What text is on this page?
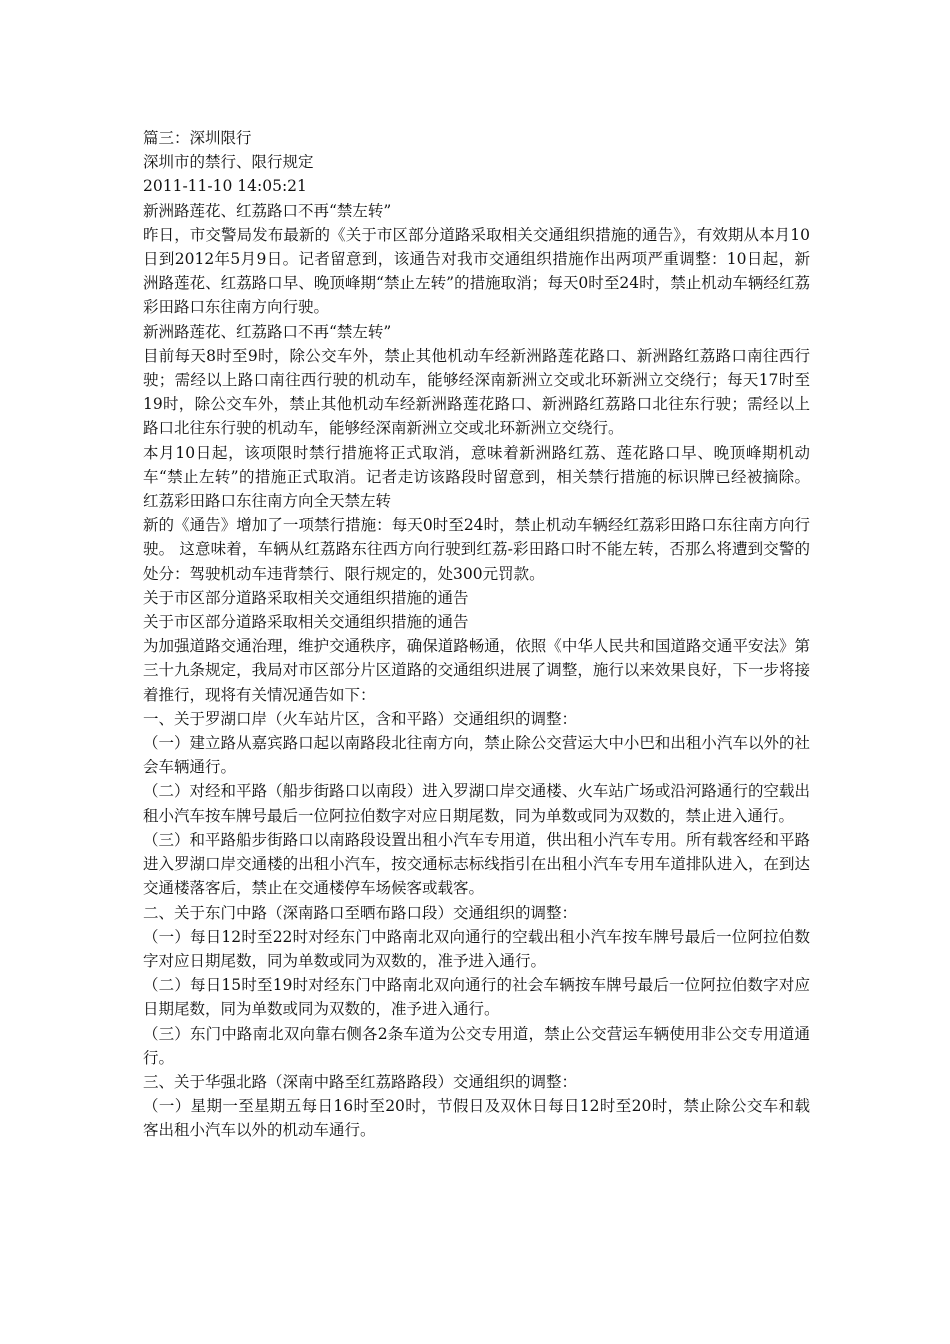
篇三：深圳限行

深圳市的禁行、限行规定

2011-11-10 14:05:21

新洲路莲花、红荔路口不再“禁左转”

昨日，市交警局发布最新的《关于市区部分道路采取相关交通组织措施的通告》，有效期从本月10日到2012年5月9日。记者留意到，该通告对我市交通组织措施作出两项严重调整：10日起，新洲路莲花、红荔路口早、晚顶峰期“禁止左转”的措施取消；每天0时至24时，禁止机动车辆经红荔彩田路口东往南方向行驶。

新洲路莲花、红荔路口不再“禁左转”

目前每天8时至9时，除公交车外，禁止其他机动车经新洲路莲花路口、新洲路红荔路口南往西行驶；需经以上路口南往西行驶的机动车，能够经深南新洲立交或北环新洲立交绕行；每天17时至19时，除公交车外，禁止其他机动车经新洲路莲花路口、新洲路红荔路口北往东行驶；需经以上路口北往东行驶的机动车，能够经深南新洲立交或北环新洲立交绕行。

本月10日起，该项限时禁行措施将正式取消，意味着新洲路红荔、莲花路口早、晚顶峰期机动车“禁止左转”的措施正式取消。记者走访该路段时留意到，相关禁行措施的标识牌已经被摘除。 红荔彩田路口东往南方向全天禁左转

新的《通告》增加了一项禁行措施：每天0时至24时，禁止机动车辆经红荔彩田路口东往南方向行驶。 这意味着，车辆从红荔路东往西方向行驶到红荔-彩田路口时不能左转，否那么将遭到交警的处分：驾驶机动车违背禁行、限行规定的，处300元罚款。

关于市区部分道路采取相关交通组织措施的通告

关于市区部分道路采取相关交通组织措施的通告

为加强道路交通治理，维护交通秩序，确保道路畅通，依照《中华人民共和国道路交通平安法》第三十九条规定，我局对市区部分片区道路的交通组织进展了调整，施行以来效果良好，下一步将接着推行，现将有关情况通告如下：

一、关于罗湖口岸（火车站片区，含和平路）交通组织的调整：

（一）建立路从嘉宾路口起以南路段北往南方向，禁止除公交营运大中小巴和出租小汽车以外的社会车辆通行。

（二）对经和平路（船步街路口以南段）进入罗湖口岸交通楼、火车站广场或沿河路通行的空载出租小汽车按车牌号最后一位阿拉伯数字对应日期尾数，同为单数或同为双数的，禁止进入通行。

（三）和平路船步街路口以南路段设置出租小汽车专用道，供出租小汽车专用。所有载客经和平路进入罗湖口岸交通楼的出租小汽车，按交通标志标线指引在出租小汽车专用车道排队进入，在到达交通楼落客后，禁止在交通楼停车场候客或载客。

二、关于东门中路（深南路口至晒布路口段）交通组织的调整：

（一）每日12时至22时对经东门中路南北双向通行的空载出租小汽车按车牌号最后一位阿拉伯数字对应日期尾数，同为单数或同为双数的，准予进入通行。

（二）每日15时至19时对经东门中路南北双向通行的社会车辆按车牌号最后一位阿拉伯数字对应日期尾数，同为单数或同为双数的，准予进入通行。

（三）东门中路南北双向靠右侧各2条车道为公交专用道，禁止公交营运车辆使用非公交专用道通行。

三、关于华强北路（深南中路至红荔路路段）交通组织的调整：

（一）星期一至星期五每日16时至20时，节假日及双休日每日12时至20时，禁止除公交车和载客出租小汽车以外的机动车通行。
